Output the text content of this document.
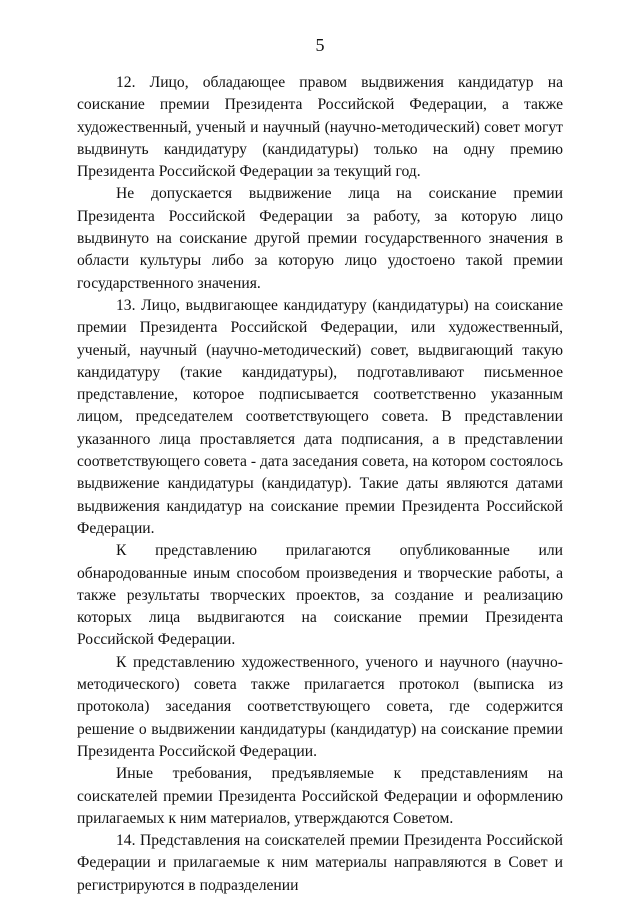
5

12. Лицо, обладающее правом выдвижения кандидатур на соискание премии Президента Российской Федерации, а также художественный, ученый и научный (научно-методический) совет могут выдвинуть кандидатуру (кандидатуры) только на одну премию Президента Российской Федерации за текущий год.

Не допускается выдвижение лица на соискание премии Президента Российской Федерации за работу, за которую лицо выдвинуто на соискание другой премии государственного значения в области культуры либо за которую лицо удостоено такой премии государственного значения.

13. Лицо, выдвигающее кандидатуру (кандидатуры) на соискание премии Президента Российской Федерации, или художественный, ученый, научный (научно-методический) совет, выдвигающий такую кандидатуру (такие кандидатуры), подготавливают письменное представление, которое подписывается соответственно указанным лицом, председателем соответствующего совета. В представлении указанного лица проставляется дата подписания, а в представлении соответствующего совета - дата заседания совета, на котором состоялось выдвижение кандидатуры (кандидатур). Такие даты являются датами выдвижения кандидатур на соискание премии Президента Российской Федерации.

К представлению прилагаются опубликованные или обнародованные иным способом произведения и творческие работы, а также результаты творческих проектов, за создание и реализацию которых лица выдвигаются на соискание премии Президента Российской Федерации.

К представлению художественного, ученого и научного (научно-методического) совета также прилагается протокол (выписка из протокола) заседания соответствующего совета, где содержится решение о выдвижении кандидатуры (кандидатур) на соискание премии Президента Российской Федерации.

Иные требования, предъявляемые к представлениям на соискателей премии Президента Российской Федерации и оформлению прилагаемых к ним материалов, утверждаются Советом.

14. Представления на соискателей премии Президента Российской Федерации и прилагаемые к ним материалы направляются в Совет и регистрируются в подразделении
